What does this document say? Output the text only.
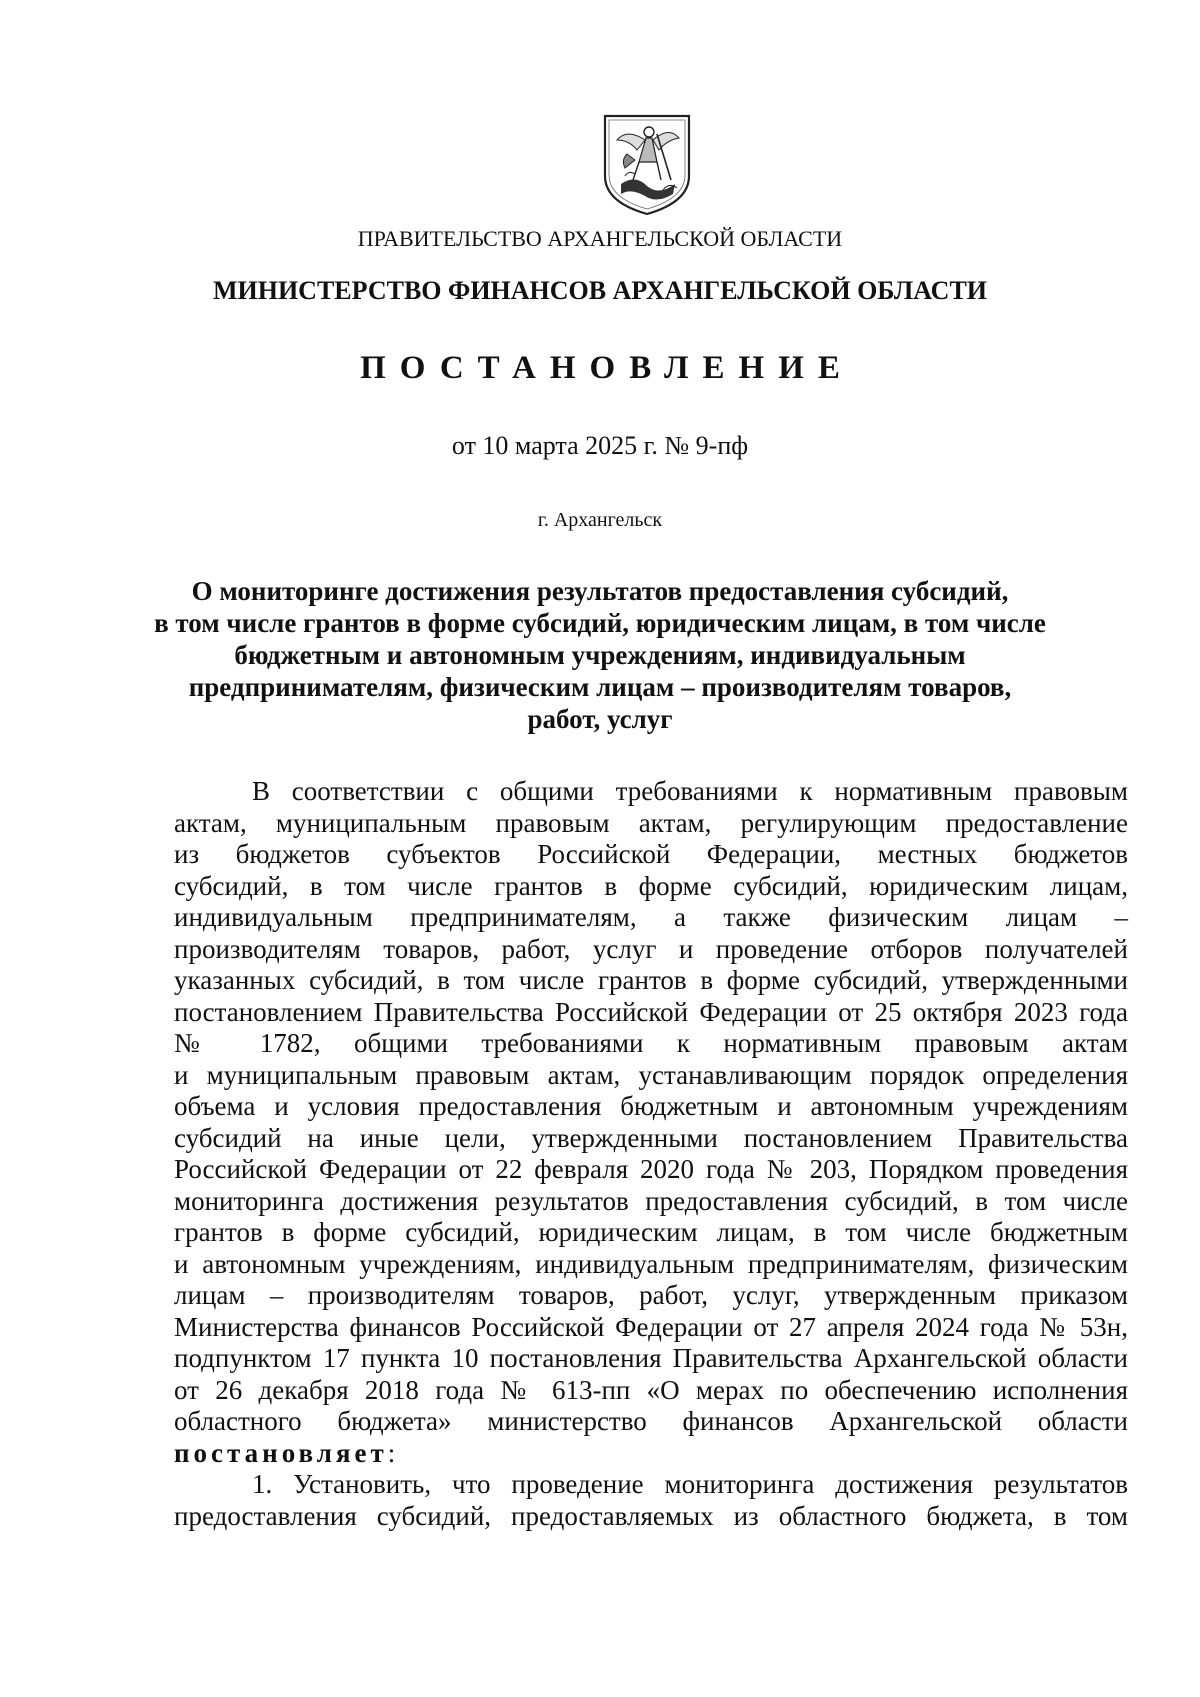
ПРАВИТЕЛЬСТВО АРХАНГЕЛЬСКОЙ ОБЛАСТИ
МИНИСТЕРСТВО ФИНАНСОВ АРХАНГЕЛЬСКОЙ ОБЛАСТИ
ПОСТАНОВЛЕНИЕ
от 10 марта 2025 г. № 9-пф
г. Архангельск
О мониторинге достижения результатов предоставления субсидий,
в том числе грантов в форме субсидий, юридическим лицам, в том числе
бюджетным и автономным учреждениям, индивидуальным
предпринимателям, физическим лицам – производителям товаров,
работ, услуг
В соответствии с общими требованиями к нормативным правовым
актам, муниципальным правовым актам, регулирующим предоставление
из бюджетов субъектов Российской Федерации, местных бюджетов
субсидий, в том числе грантов в форме субсидий, юридическим лицам,
индивидуальным предпринимателям, а также физическим лицам –
производителям товаров, работ, услуг и проведение отборов получателей
указанных субсидий, в том числе грантов в форме субсидий, утвержденными
постановлением Правительства Российской Федерации от 25 октября 2023 года
№ 1782, общими требованиями к нормативным правовым актам
и муниципальным правовым актам, устанавливающим порядок определения
объема и условия предоставления бюджетным и автономным учреждениям
субсидий на иные цели, утвержденными постановлением Правительства
Российской Федерации от 22 февраля 2020 года № 203, Порядком проведения
мониторинга достижения результатов предоставления субсидий, в том числе
грантов в форме субсидий, юридическим лицам, в том числе бюджетным
и автономным учреждениям, индивидуальным предпринимателям, физическим
лицам – производителям товаров, работ, услуг, утвержденным приказом
Министерства финансов Российской Федерации от 27 апреля 2024 года № 53н,
подпунктом 17 пункта 10 постановления Правительства Архангельской области
от 26 декабря 2018 года № 613-пп «О мерах по обеспечению исполнения
областного бюджета» министерство финансов Архангельской области
постановляет:
1. Установить, что проведение мониторинга достижения результатов
предоставления субсидий, предоставляемых из областного бюджета, в том
